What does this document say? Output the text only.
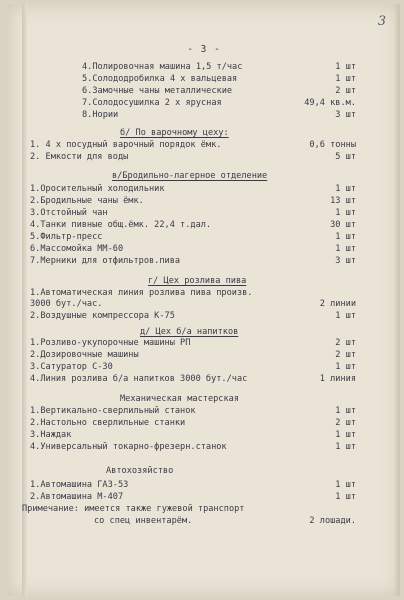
3
- 3 -
4.Полировочная машина 1,5 т/час	1 шт
5.Солододробилка 4 х вальцевая	1 шт
6.Замочные чаны металлические	2 шт
7.Солодосушилка 2 х ярусная	49,4 кв.м.
8.Нории	3 шт
б/ По варочному цеху:
1. 4 х посудный варочный порядок ёмк.	0,6 тонны
2. Емкости для воды	5 шт
в/Бродильно-лагерное отделение
1.Оросительный холодильник	1 шт
2.Бродильные чаны ёмк.	13 шт
3.Отстойный чан	1 шт
4.Танки пивные общ.ёмк. 22,4 т.дал.	30 шт
5.Фильтр-пресс	1 шт
6.Массомойка ММ-60	1 шт
7.Мерники для отфильтров.пива	3 шт
г/ Цех розлива пива
1.Автоматическая линия розлива пива произв.
3000 бут./час.	2 линии
2.Воздушные компрессора К-75	1 шт
д/ Цех б/а напитков
1.Розливо-укупорочные машины РП	2 шт
2.Дозировочные машины	2 шт
3.Сатуратор С-30	1 шт
4.Линия розлива б/а напитков 3000 бут./час	1 линия
Механическая мастерская
1.Вертикально-сверлильный станок	1 шт
2.Настольно сверлильные станки	2 шт
3.Наждак	1 шт
4.Универсальный токарно-фрезерн.станок	1 шт
Автохозяйство
1.Автомашина ГАЗ-53	1 шт
2.Автомашина М-407	1 шт
Примечание: имеется также гужевой транспорт
со спец инвентарём.	2 лошади.
